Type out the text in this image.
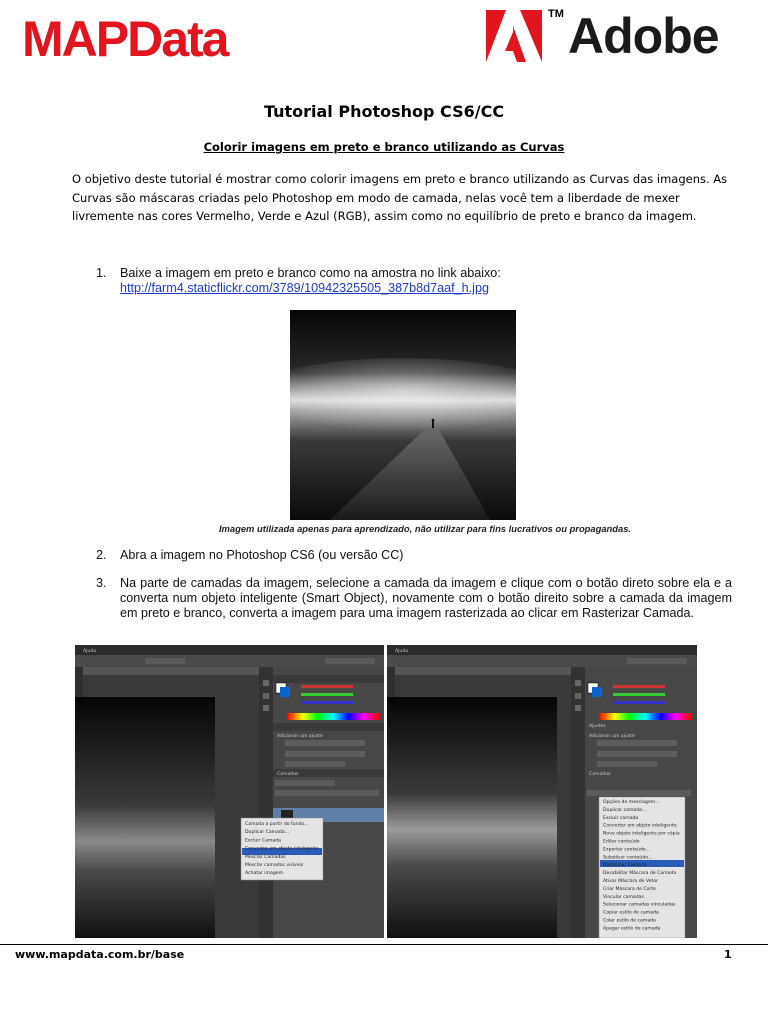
MAPData	TM Adobe
Tutorial Photoshop CS6/CC
Colorir imagens em preto e branco utilizando as Curvas
O objetivo deste tutorial é mostrar como colorir imagens em preto e branco utilizando as Curvas das imagens. As Curvas são máscaras criadas pelo Photoshop em modo de camada, nelas você tem a liberdade de mexer livremente nas cores Vermelho, Verde e Azul (RGB), assim como no equilíbrio de preto e branco da imagem.
1. Baixe a imagem em preto e branco como na amostra no link abaixo:
http://farm4.staticflickr.com/3789/10942325505_387b8d7aaf_h.jpg
Imagem utilizada apenas para aprendizado, não utilizar para fins lucrativos ou propagandas.
2. Abra a imagem no Photoshop CS6 (ou versão CC)
3. Na parte de camadas da imagem, selecione a camada da imagem e clique com o botão direto sobre ela e a converta num objeto inteligente (Smart Object), novamente com o botão direito sobre a camada da imagem em preto e branco, converta a imagem para uma imagem rasterizada ao clicar em Rasterizar Camada.
Ajuda
Adicionar um ajuste
Camadas
Camada a partir do fundo...
Duplicar Camada...
Excluir Camada
Converter em objeto inteligente
Mesclar Camadas
Mesclar camadas visíveis
Achatar imagem
Ajuda
Ajustes
Adicionar um ajuste
Camadas
Opções de mesclagem...
Duplicar camada...
Excluir camada
Converter em objeto inteligente
Novo objeto inteligente por cópia
Editar conteúdo
Exportar conteúdo...
Substituir conteúdo...
Rasterizar Camada
Desabilitar Máscara de Camada
Ativar Máscara de Vetor
Criar Máscara de Corte
Vincular camadas
Selecionar camadas vinculadas
Copiar estilo de camada
Colar estilo de camada
Apagar estilo de camada
www.mapdata.com.br/base	1
